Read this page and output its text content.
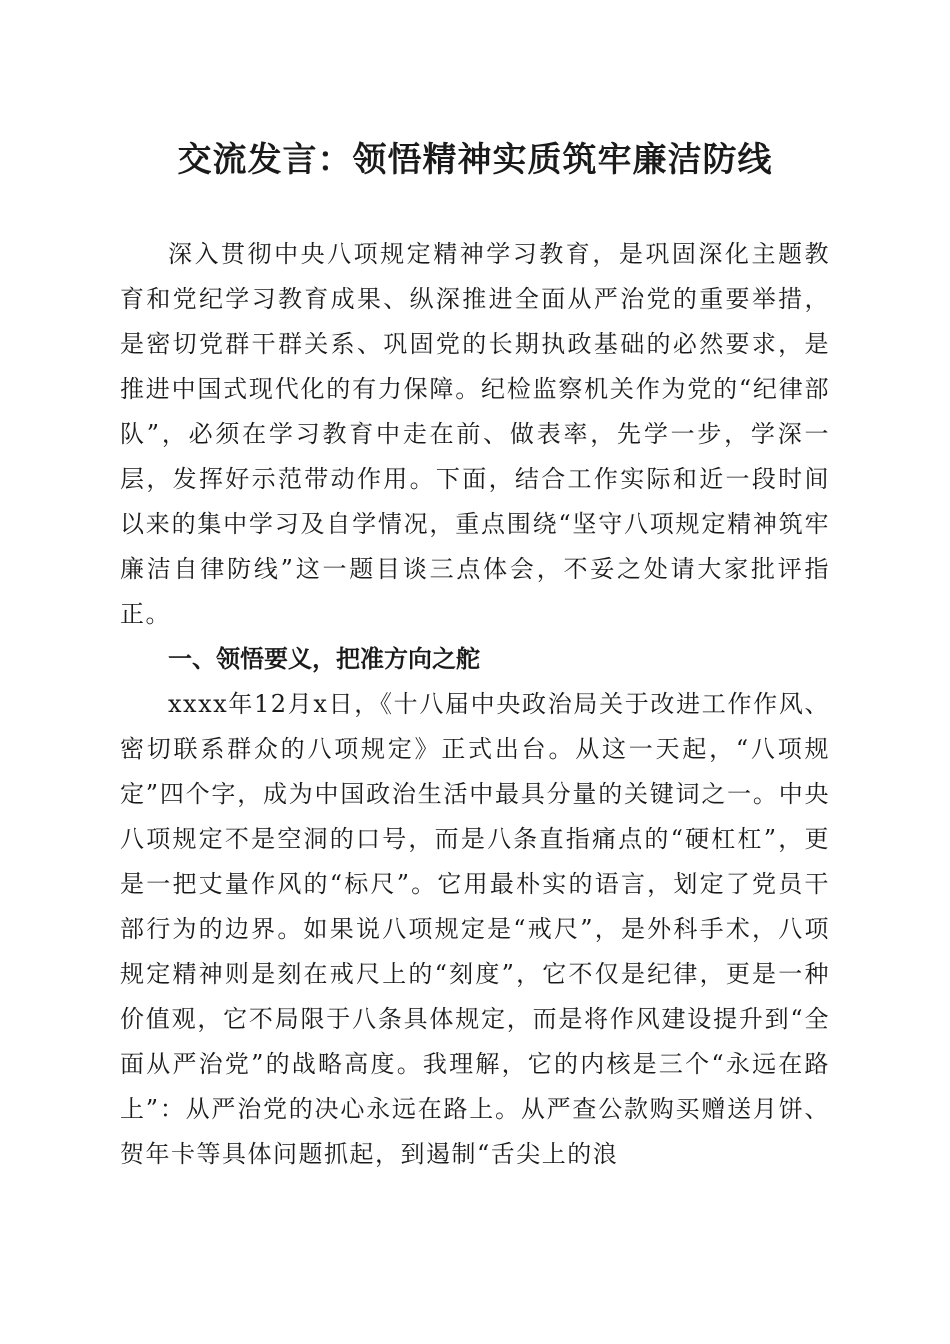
交流发言：领悟精神实质筑牢廉洁防线

深入贯彻中央八项规定精神学习教育，是巩固深化主题教育和党纪学习教育成果、纵深推进全面从严治党的重要举措，是密切党群干群关系、巩固党的长期执政基础的必然要求，是推进中国式现代化的有力保障。纪检监察机关作为党的“纪律部队”，必须在学习教育中走在前、做表率，先学一步，学深一层，发挥好示范带动作用。下面，结合工作实际和近一段时间以来的集中学习及自学情况，重点围绕“坚守八项规定精神筑牢廉洁自律防线”这一题目谈三点体会，不妥之处请大家批评指正。

一、领悟要义，把准方向之舵

xxxx年12月x日，《十八届中央政治局关于改进工作作风、密切联系群众的八项规定》正式出台。从这一天起，“八项规定”四个字，成为中国政治生活中最具分量的关键词之一。中央八项规定不是空洞的口号，而是八条直指痛点的“硬杠杠”，更是一把丈量作风的“标尺”。它用最朴实的语言，划定了党员干部行为的边界。如果说八项规定是“戒尺”，是外科手术，八项规定精神则是刻在戒尺上的“刻度”，它不仅是纪律，更是一种价值观，它不局限于八条具体规定，而是将作风建设提升到“全面从严治党”的战略高度。我理解，它的内核是三个“永远在路上”：从严治党的决心永远在路上。从严查公款购买赠送月饼、贺年卡等具体问题抓起，到遏制“舌尖上的浪
